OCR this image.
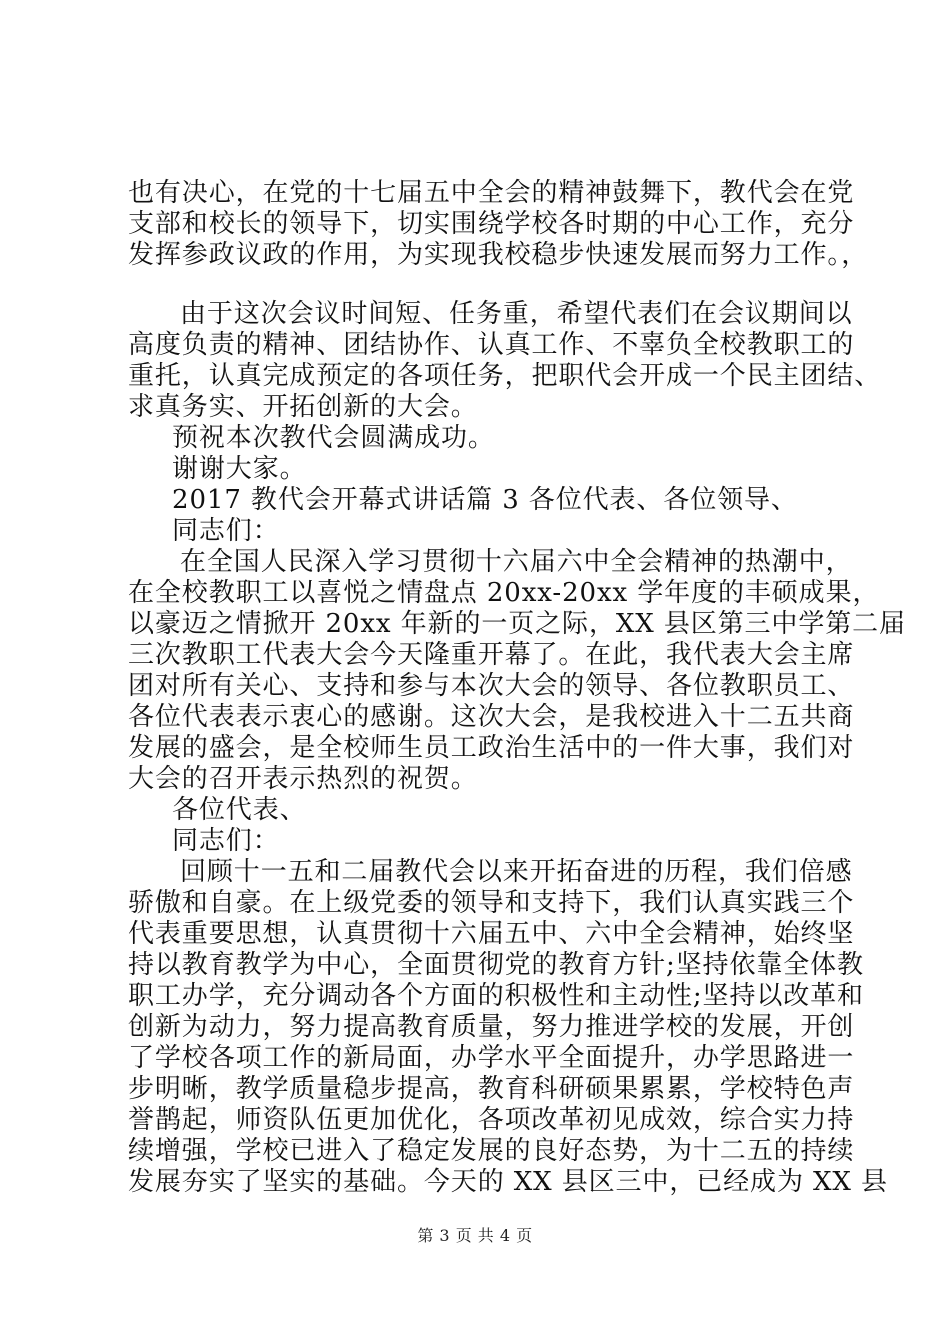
也有决心，在党的十七届五中全会的精神鼓舞下，教代会在党
支部和校长的领导下，切实围绕学校各时期的中心工作，充分
发挥参政议政的作用，为实现我校稳步快速发展而努力工作。，
由于这次会议时间短、任务重，希望代表们在会议期间以
高度负责的精神、团结协作、认真工作、不辜负全校教职工的
重托，认真完成预定的各项任务，把职代会开成一个民主团结、
求真务实、开拓创新的大会。
预祝本次教代会圆满成功。
谢谢大家。
2017 教代会开幕式讲话篇 3 各位代表、各位领导、
同志们：
在全国人民深入学习贯彻十六届六中全会精神的热潮中，
在全校教职工以喜悦之情盘点 20xx-20xx 学年度的丰硕成果，
以豪迈之情掀开 20xx 年新的一页之际，XX 县区第三中学第二届
三次教职工代表大会今天隆重开幕了。在此，我代表大会主席
团对所有关心、支持和参与本次大会的领导、各位教职员工、
各位代表表示衷心的感谢。这次大会，是我校进入十二五共商
发展的盛会，是全校师生员工政治生活中的一件大事，我们对
大会的召开表示热烈的祝贺。
各位代表、
同志们：
回顾十一五和二届教代会以来开拓奋进的历程，我们倍感
骄傲和自豪。在上级党委的领导和支持下，我们认真实践三个
代表重要思想，认真贯彻十六届五中、六中全会精神，始终坚
持以教育教学为中心，全面贯彻党的教育方针;坚持依靠全体教
职工办学，充分调动各个方面的积极性和主动性;坚持以改革和
创新为动力，努力提高教育质量，努力推进学校的发展，开创
了学校各项工作的新局面，办学水平全面提升，办学思路进一
步明晰，教学质量稳步提高，教育科研硕果累累，学校特色声
誉鹊起，师资队伍更加优化，各项改革初见成效，综合实力持
续增强，学校已进入了稳定发展的良好态势，为十二五的持续
发展夯实了坚实的基础。今天的 XX 县区三中，已经成为 XX 县
第 3 页 共 4 页
